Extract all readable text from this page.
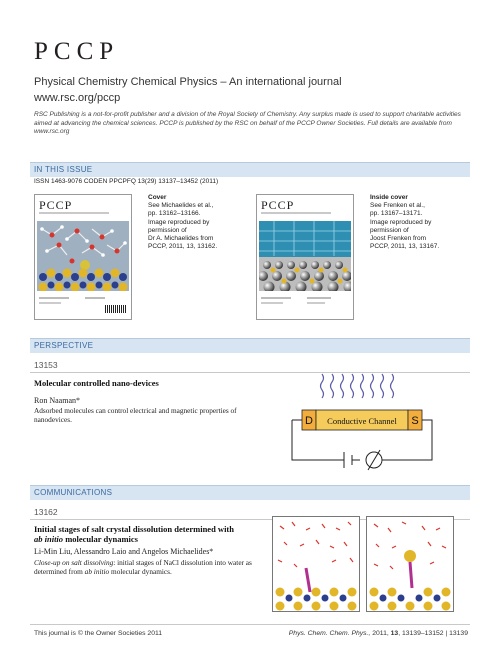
PCCP
Physical Chemistry Chemical Physics – An international journal
www.rsc.org/pccp
RSC Publishing is a not-for-profit publisher and a division of the Royal Society of Chemistry. Any surplus made is used to support charitable activities aimed at advancing the chemical sciences. PCCP is published by the RSC on behalf of the PCCP Owner Societies. Full details are available from www.rsc.org
IN THIS ISSUE
ISSN 1463-9076 CODEN PPCPFQ 13(29) 13137–13452 (2011)
PCCP
Cover
See Michaelides et al.,
pp. 13162–13166.
Image reproduced by
permission of
Dr A. Michaelides from
PCCP, 2011, 13, 13162.
PCCP
Inside cover
See Frenken et al.,
pp. 13167–13171.
Image reproduced by
permission of
Joost Frenken from
PCCP, 2011, 13, 13167.
PERSPECTIVE
13153
Molecular controlled nano-devices
Ron Naaman*
Adsorbed molecules can control electrical and magnetic properties of nanodevices.	D Conductive Channel S
COMMUNICATIONS
13162
Initial stages of salt crystal dissolution determined with
ab initio molecular dynamics
Li-Min Liu, Alessandro Laio and Angelos Michaelides*
Close-up on salt dissolving: initial stages of NaCl dissolution into water as determined from ab initio molecular dynamics.
This journal is © the Owner Societies 2011	Phys. Chem. Chem. Phys., 2011, 13, 13139–13152 | 13139
